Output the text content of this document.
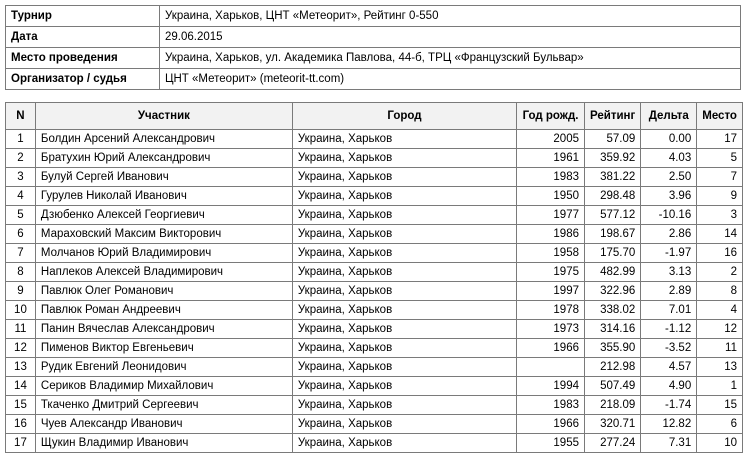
Турнир	Украина, Харьков, ЦНТ «Метеорит», Рейтинг 0-550
Дата	29.06.2015
Место проведения	Украина, Харьков, ул. Академика Павлова, 44-б, ТРЦ «Французский Бульвар»
Организатор / судья	ЦНТ «Метеорит» (meteorit-tt.com)
N	Участник	Город	Год рожд.	Рейтинг	Дельта	Место
1	Болдин Арсений Александрович	Украина, Харьков	2005	57.09	0.00	17
2	Братухин Юрий Александрович	Украина, Харьков	1961	359.92	4.03	5
3	Булуй Сергей Иванович	Украина, Харьков	1983	381.22	2.50	7
4	Гурулев Николай Иванович	Украина, Харьков	1950	298.48	3.96	9
5	Дзюбенко Алексей Георгиевич	Украина, Харьков	1977	577.12	-10.16	3
6	Мараховский Максим Викторович	Украина, Харьков	1986	198.67	2.86	14
7	Молчанов Юрий Владимирович	Украина, Харьков	1958	175.70	-1.97	16
8	Наплеков Алексей Владимирович	Украина, Харьков	1975	482.99	3.13	2
9	Павлюк Олег Романович	Украина, Харьков	1997	322.96	2.89	8
10	Павлюк Роман Андреевич	Украина, Харьков	1978	338.02	7.01	4
11	Панин Вячеслав Александрович	Украина, Харьков	1973	314.16	-1.12	12
12	Пименов Виктор Евгеньевич	Украина, Харьков	1966	355.90	-3.52	11
13	Рудик Евгений Леонидович	Украина, Харьков		212.98	4.57	13
14	Сериков Владимир Михайлович	Украина, Харьков	1994	507.49	4.90	1
15	Ткаченко Дмитрий Сергеевич	Украина, Харьков	1983	218.09	-1.74	15
16	Чуев Александр Иванович	Украина, Харьков	1966	320.71	12.82	6
17	Щукин Владимир Иванович	Украина, Харьков	1955	277.24	7.31	10
